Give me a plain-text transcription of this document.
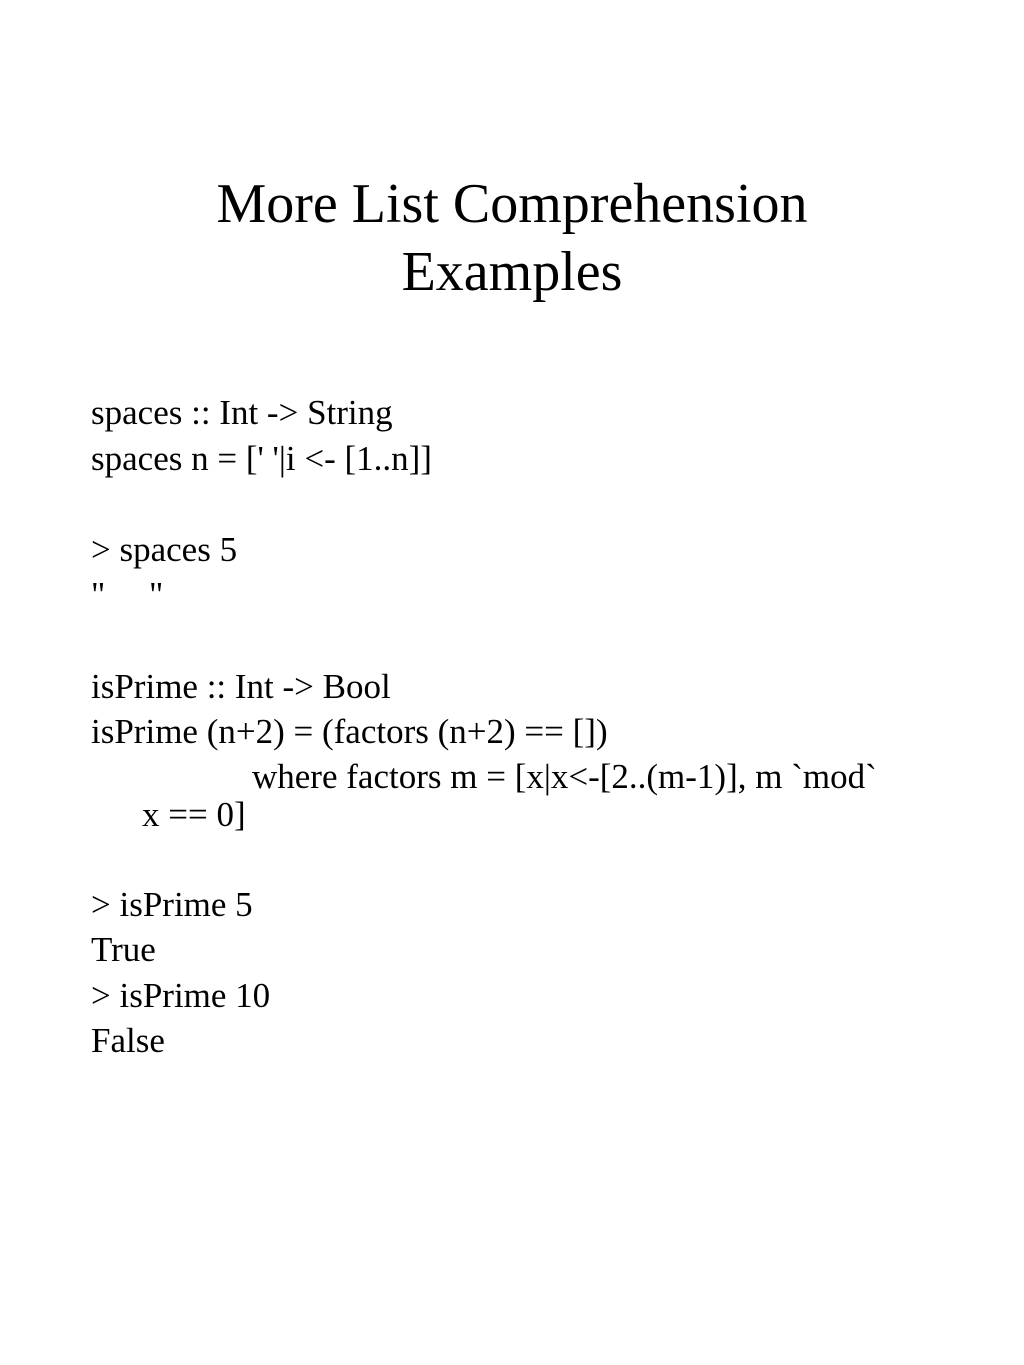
More List Comprehension
Examples
spaces :: Int -> String
spaces n = [' '|i <- [1..n]]
> spaces 5
"     "
isPrime :: Int -> Bool
isPrime (n+2) = (factors (n+2) == [])
where factors m = [x|x<-[2..(m-1)], m `mod`
x == 0]
> isPrime 5
True
> isPrime 10
False
